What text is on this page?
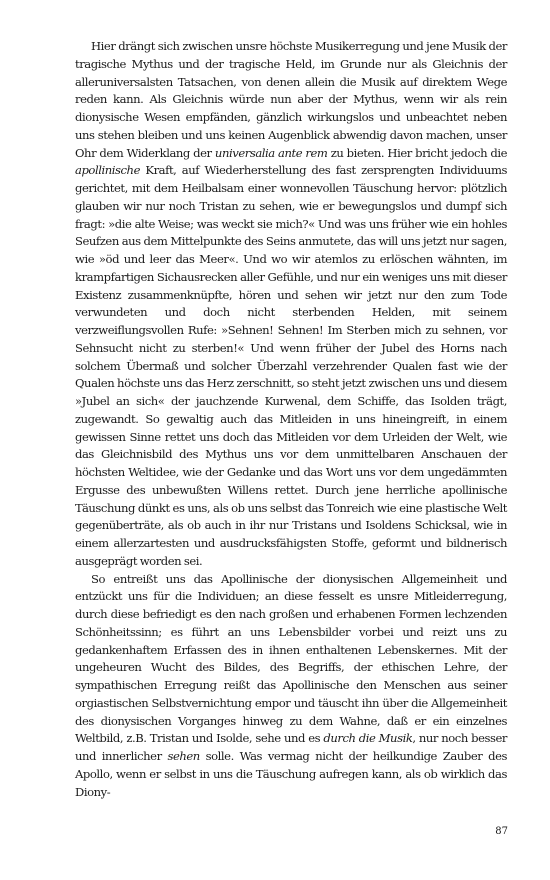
Hier drängt sich zwischen unsre höchste Musikerregung und jene Musik der tragische Mythus und der tragische Held, im Grunde nur als Gleichnis der alleruniversalsten Tatsachen, von denen allein die Musik auf direktem Wege reden kann. Als Gleichnis würde nun aber der Mythus, wenn wir als rein dionysische Wesen empfänden, gänzlich wirkungslos und unbeachtet neben uns stehen bleiben und uns keinen Augenblick abwendig davon machen, unser Ohr dem Widerklang der universalia ante rem zu bieten. Hier bricht jedoch die apollinische Kraft, auf Wiederherstellung des fast zersprengten Individuums gerichtet, mit dem Heilbalsam einer wonnevollen Täuschung hervor: plötzlich glauben wir nur noch Tristan zu sehen, wie er bewegungslos und dumpf sich fragt: »die alte Weise; was weckt sie mich?« Und was uns früher wie ein hohles Seufzen aus dem Mittelpunkte des Seins anmutete, das will uns jetzt nur sagen, wie »öd und leer das Meer«. Und wo wir atemlos zu erlöschen wähnten, im krampfartigen Sichausrecken aller Gefühle, und nur ein weniges uns mit dieser Existenz zusammenknüpfte, hören und sehen wir jetzt nur den zum Tode verwundeten und doch nicht sterbenden Helden, mit seinem verzweiflungsvollen Rufe: »Sehnen! Sehnen! Im Sterben mich zu sehnen, vor Sehnsucht nicht zu sterben!« Und wenn früher der Jubel des Horns nach solchem Übermaß und solcher Überzahl verzehrender Qualen fast wie der Qualen höchste uns das Herz zerschnitt, so steht jetzt zwischen uns und diesem »Jubel an sich« der jauchzende Kurwenal, dem Schiffe, das Isolden trägt, zugewandt. So gewaltig auch das Mitleiden in uns hineingreift, in einem gewissen Sinne rettet uns doch das Mitleiden vor dem Urleiden der Welt, wie das Gleichnisbild des Mythus uns vor dem unmittelbaren Anschauen der höchsten Weltidee, wie der Gedanke und das Wort uns vor dem ungedämmten Ergusse des unbewußten Willens rettet. Durch jene herrliche apollinische Täuschung dünkt es uns, als ob uns selbst das Tonreich wie eine plastische Welt gegenüberträte, als ob auch in ihr nur Tristans und Isoldens Schicksal, wie in einem allerzartesten und ausdrucksfähigsten Stoffe, geformt und bildnerisch ausgeprägt worden sei.

So entreißt uns das Apollinische der dionysischen Allgemeinheit und entzückt uns für die Individuen; an diese fesselt es unsre Mitleiderregung, durch diese befriedigt es den nach großen und erhabenen Formen lechzenden Schönheitssinn; es führt an uns Lebensbilder vorbei und reizt uns zu gedankenhaftem Erfassen des in ihnen enthaltenen Lebenskernes. Mit der ungeheuren Wucht des Bildes, des Begriffs, der ethischen Lehre, der sympathischen Erregung reißt das Apollinische den Menschen aus seiner orgiastischen Selbstvernichtung empor und täuscht ihn über die Allgemeinheit des dionysischen Vorganges hinweg zu dem Wahne, daß er ein einzelnes Weltbild, z.B. Tristan und Isolde, sehe und es durch die Musik, nur noch besser und innerlicher sehen solle. Was vermag nicht der heilkundige Zauber des Apollo, wenn er selbst in uns die Täuschung aufregen kann, als ob wirklich das Diony-

87
